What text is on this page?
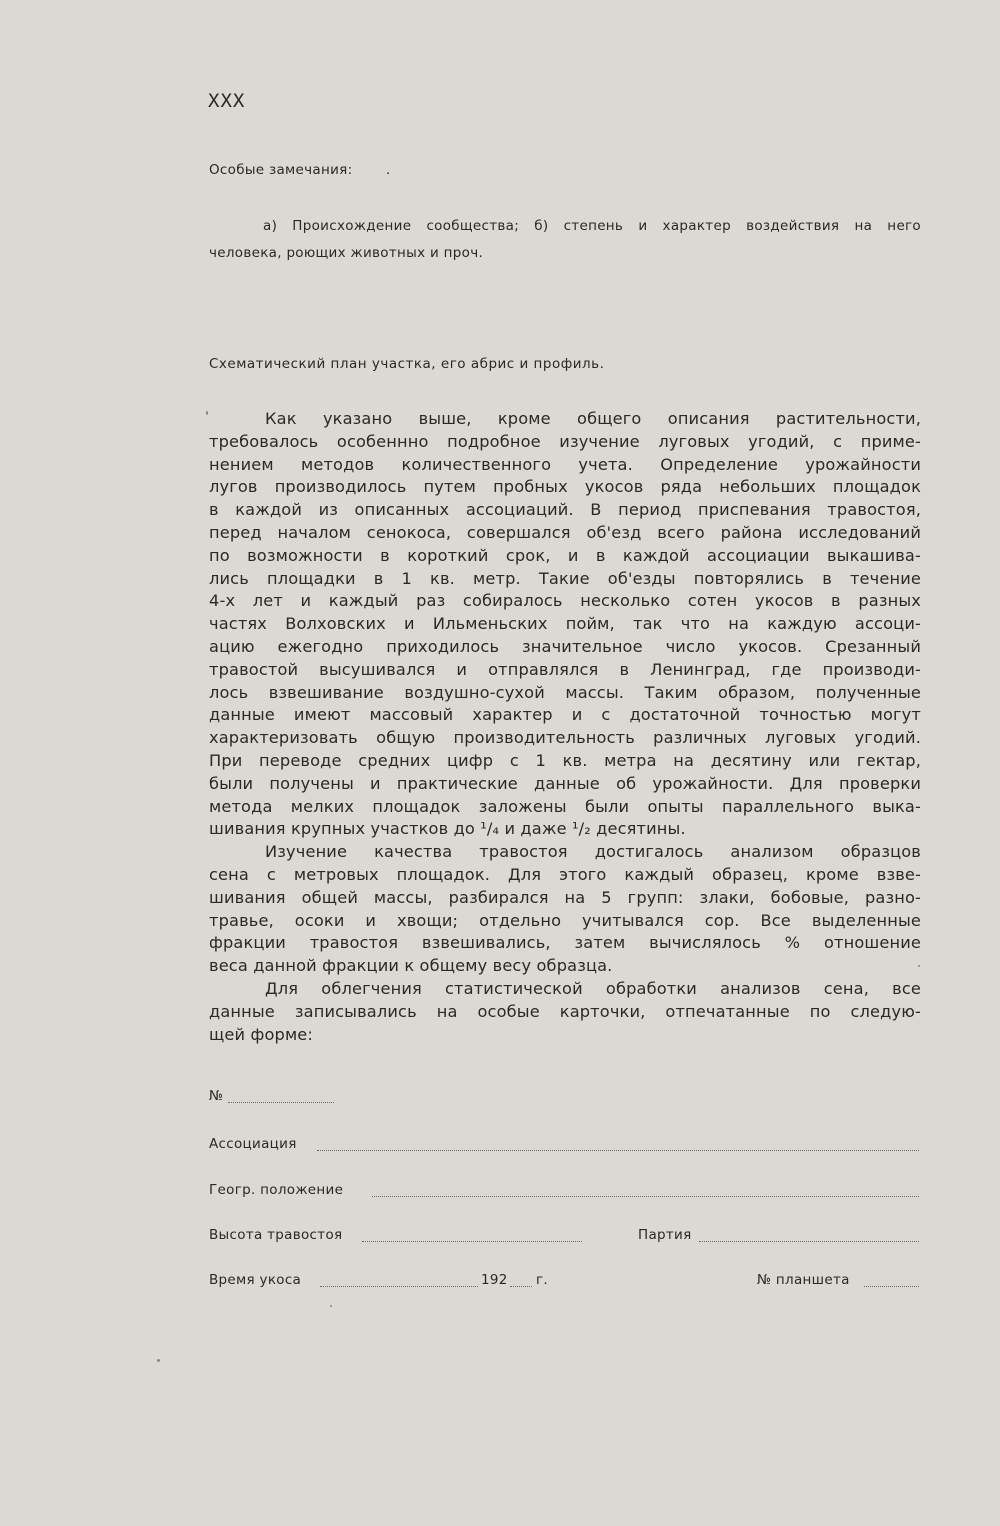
XXX
Особые замечания: .
а) Происхождение сообщества; б) степень и характер воздействия на него
человека, роющих животных и проч.
Схематический план участка, его абрис и профиль.

Как указано выше, кроме общего описания растительности,

требовалось особеннно подробное изучение луговых угодий, с приме-

нением методов количественного учета. Определение урожайности

лугов производилось путем пробных укосов ряда небольших площадок

в каждой из описанных ассоциаций. В период приспевания травостоя,

перед началом сенокоса, совершался об'езд всего района исследований

по возможности в короткий срок, и в каждой ассоциации выкашива-

лись площадки в 1 кв. метр. Такие об'езды повторялись в течение

4-х лет и каждый раз собиралось несколько сотен укосов в разных

частях Волховских и Ильменьских пойм, так что на каждую ассоци-

ацию ежегодно приходилось значительное число укосов. Срезанный

травостой высушивался и отправлялся в Ленинград, где производи-

лось взвешивание воздушно-сухой массы. Таким образом, полученные

данные имеют массовый характер и с достаточной точностью могут

характеризовать общую производительность различных луговых угодий.

При переводе средних цифр с 1 кв. метра на десятину или гектар,

были получены и практические данные об урожайности. Для проверки

метода мелких площадок заложены были опыты параллельного выка-

шивания крупных участков до ¹/₄ и даже ¹/₂ десятины.

Изучение качества травостоя достигалось анализом образцов

сена с метровых площадок. Для этого каждый образец, кроме взве-

шивания общей массы, разбирался на 5 групп: злаки, бобовые, разно-

травье, осоки и хвощи; отдельно учитывался сор. Все выделенные

фракции травостоя взвешивались, затем вычислялось % отношение

веса данной фракции к общему весу образца.

Для облегчения статистической обработки анализов сена, все

данные записывались на особые карточки, отпечатанные по следую-

щей форме:

№
Ассоциация
Геогр. положение
Высота травостоя	Партия
Время укоса	192 г.	№ планшета
